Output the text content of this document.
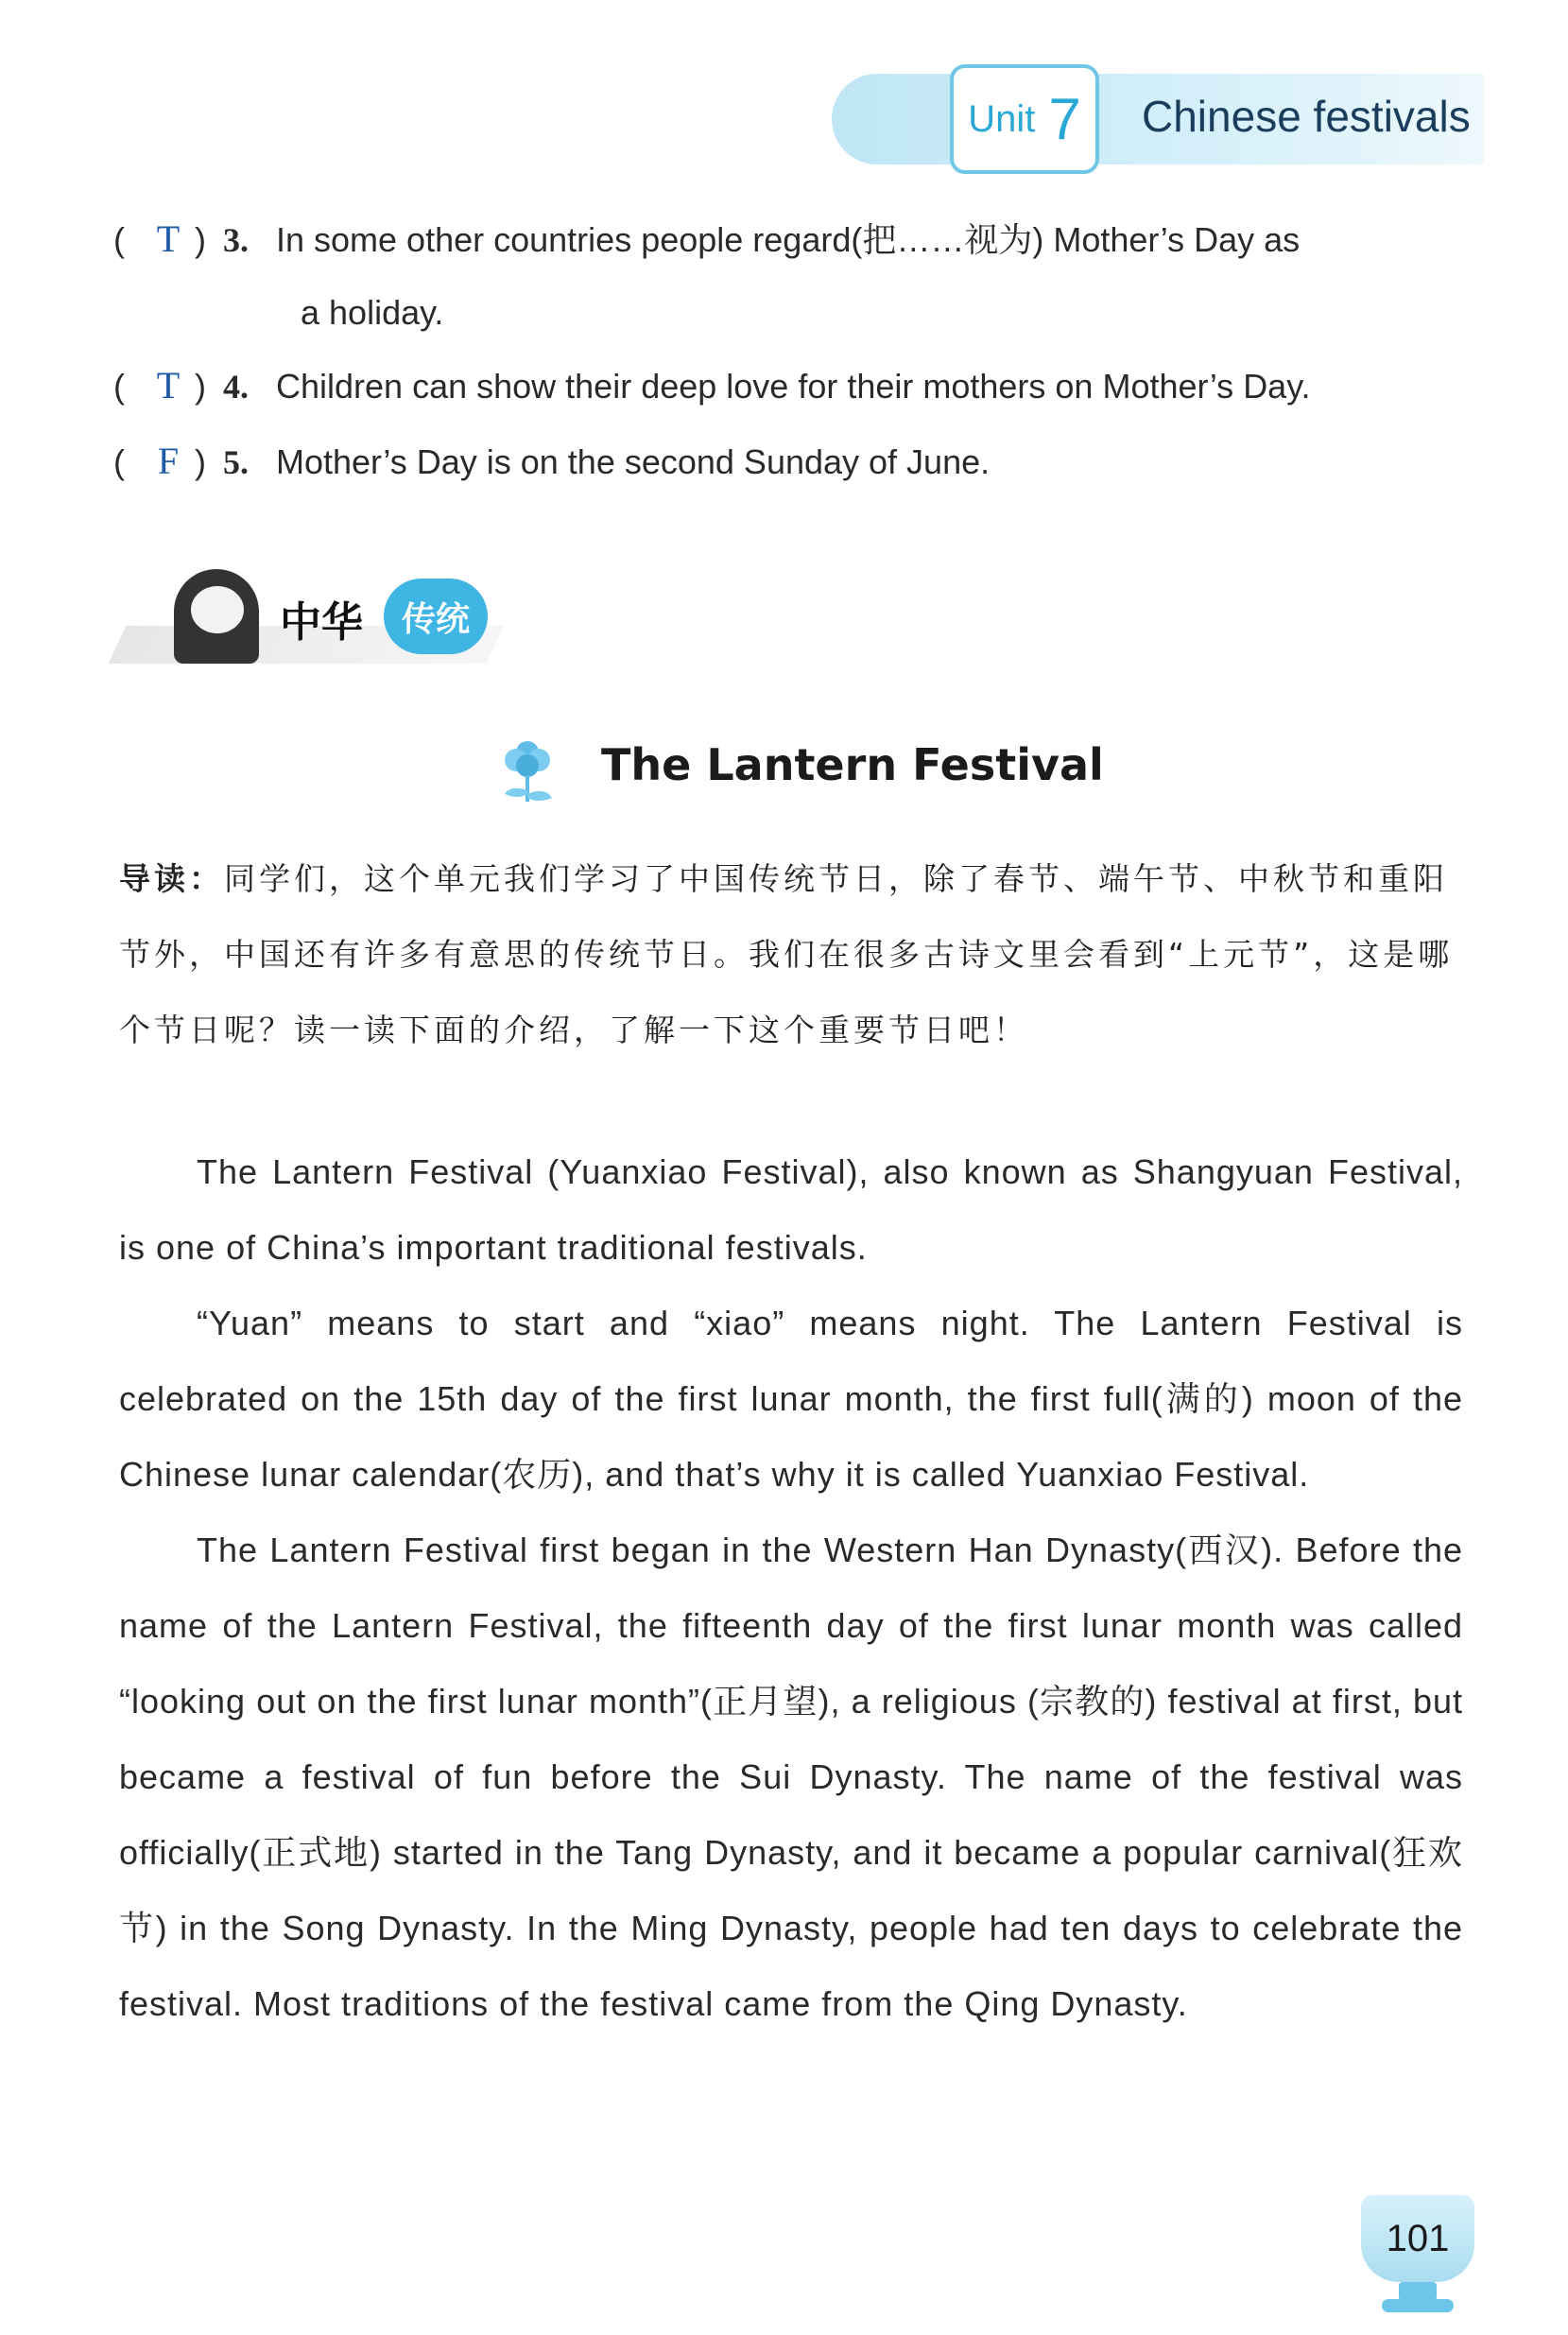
Unit 7 Chinese festivals
( T ) 3. In some other countries people regard(把……视为) Mother’s Day as
a holiday.
( T ) 4. Children can show their deep love for their mothers on Mother’s Day.
( F ) 5. Mother’s Day is on the second Sunday of June.
中华	传统
The Lantern Festival
导读：同学们，这个单元我们学习了中国传统节日，除了春节、端午节、中秋节和重阳节外，中国还有许多有意思的传统节日。我们在很多古诗文里会看到“上元节”，这是哪个节日呢？读一读下面的介绍，了解一下这个重要节日吧！

The Lantern Festival (Yuanxiao Festival), also known as Shangyuan Festival, is one of China’s important traditional festivals.

“Yuan” means to start and “xiao” means night. The Lantern Festival is celebrated on the 15th day of the first lunar month, the first full(满的) moon of the Chinese lunar calendar(农历), and that’s why it is called Yuanxiao Festival.

The Lantern Festival first began in the Western Han Dynasty(西汉). Before the name of the Lantern Festival, the fifteenth day of the first lunar month was called “looking out on the first lunar month”(正月望), a religious (宗教的) festival at first, but became a festival of fun before the Sui Dynasty. The name of the festival was officially(正式地) started in the Tang Dynasty, and it became a popular carnival(狂欢节) in the Song Dynasty. In the Ming Dynasty, people had ten days to celebrate the festival. Most traditions of the festival came from the Qing Dynasty.

101
